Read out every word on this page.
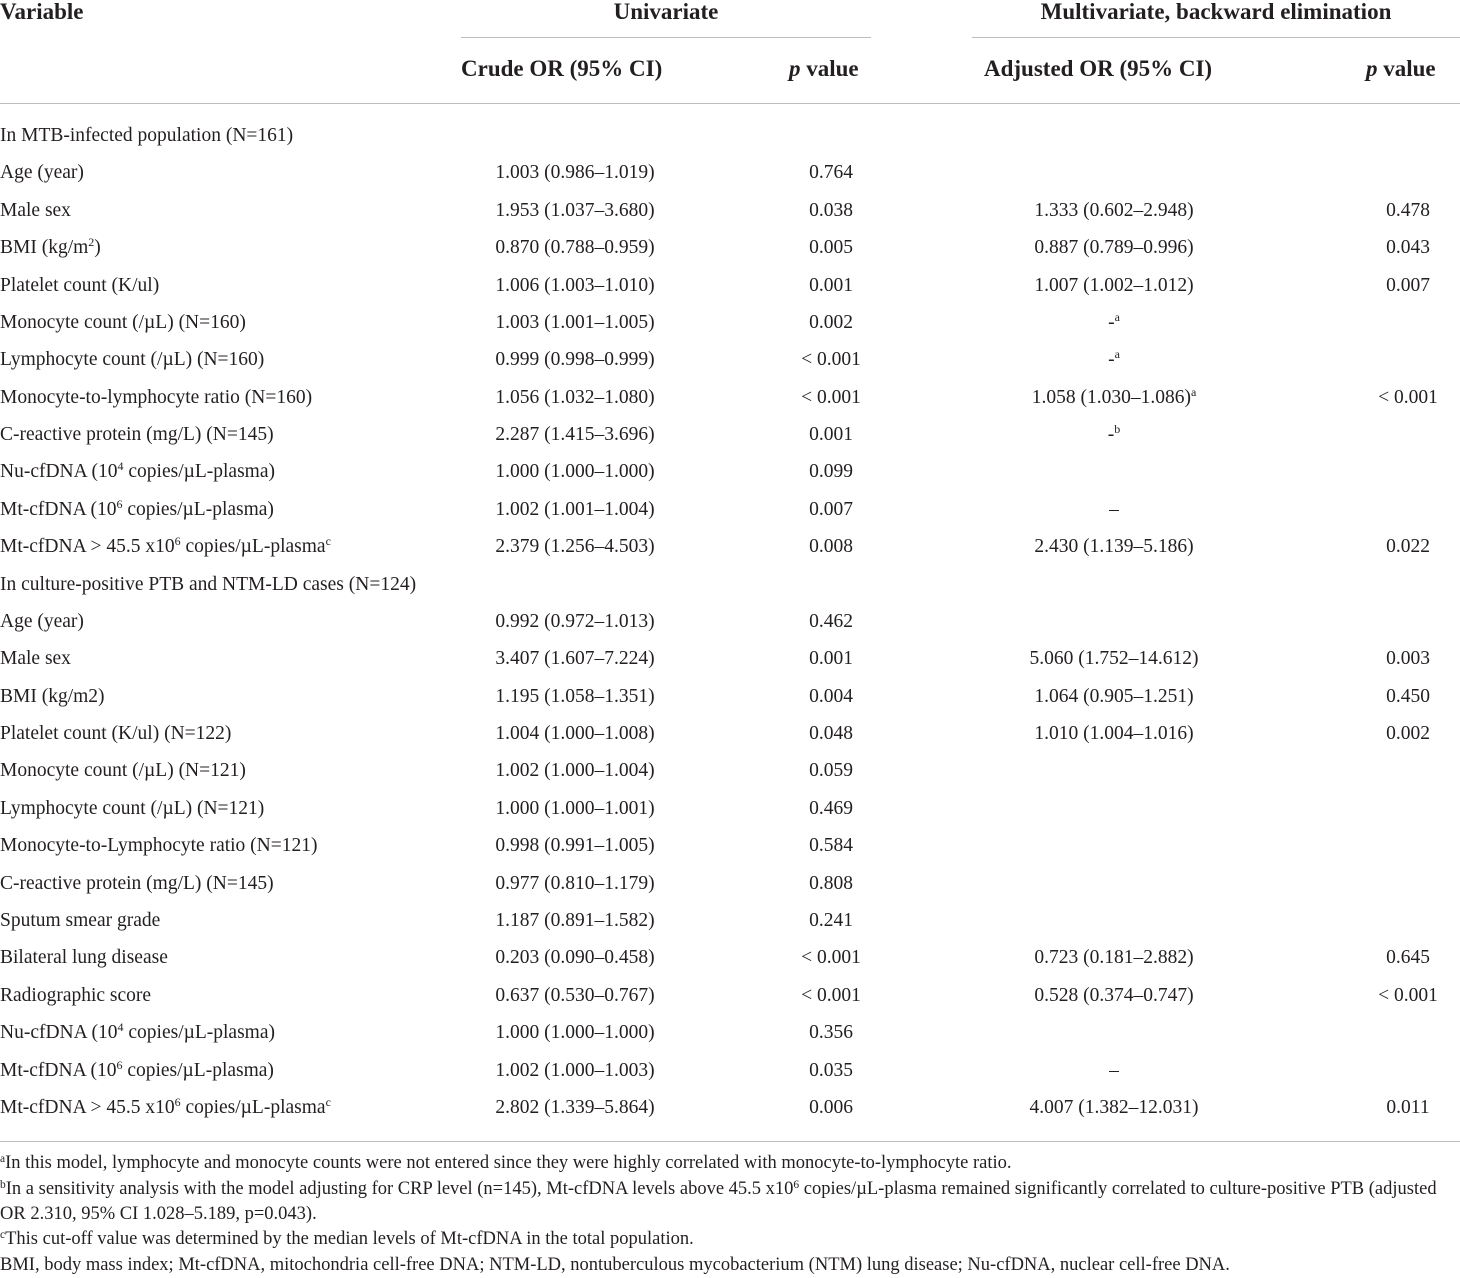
Variable	Univariate	Multivariate, backward elimination
Crude OR (95% CI)	p value	Adjusted OR (95% CI)	p value
In MTB-infected population (N=161)
Age (year)	1.003 (0.986–1.019)	0.764
Male sex	1.953 (1.037–3.680)	0.038	1.333 (0.602–2.948)	0.478
BMI $(kg/m^2)$	0.870 (0.788–0.959)	0.005	0.887 (0.789–0.996)	0.043
Platelet count (K/ul)	1.006 (1.003–1.010)	0.001	1.007 (1.002–1.012)	0.007
Monocyte count (/µL) (N=160)	1.003 (1.001–1.005)	0.002	-$^a$
Lymphocyte count (/µL) (N=160)	0.999 (0.998–0.999)	< 0.001	-$^a$
Monocyte-to-lymphocyte ratio (N=160)	1.056 (1.032–1.080)	< 0.001	1.058 $(1.030-1.086)^a$	< 0.001
C-reactive protein (mg/L) (N=145)	2.287 (1.415–3.696)	0.001	-$^b$
Nu-cfDNA ($10^4$ copies/µL-plasma)	1.000 (1.000–1.000)	0.099
Mt-cfDNA ($10^6$ copies/µL-plasma)	1.002 (1.001–1.004)	0.007	–
Mt-cfDNA > 45.5 $x10^6$ copies/µL-plasma$^c$	2.379 (1.256–4.503)	0.008	2.430 (1.139–5.186)	0.022
In culture-positive PTB and NTM-LD cases (N=124)
Age (year)	0.992 (0.972–1.013)	0.462
Male sex	3.407 (1.607–7.224)	0.001	5.060 (1.752–14.612)	0.003
BMI (kg/m2)	1.195 (1.058–1.351)	0.004	1.064 (0.905–1.251)	0.450
Platelet count (K/ul) (N=122)	1.004 (1.000–1.008)	0.048	1.010 (1.004–1.016)	0.002
Monocyte count (/µL) (N=121)	1.002 (1.000–1.004)	0.059
Lymphocyte count (/µL) (N=121)	1.000 (1.000–1.001)	0.469
Monocyte-to-Lymphocyte ratio (N=121)	0.998 (0.991–1.005)	0.584
C-reactive protein (mg/L) (N=145)	0.977 (0.810–1.179)	0.808
Sputum smear grade	1.187 (0.891–1.582)	0.241
Bilateral lung disease	0.203 (0.090–0.458)	< 0.001	0.723 (0.181–2.882)	0.645
Radiographic score	0.637 (0.530–0.767)	< 0.001	0.528 (0.374–0.747)	< 0.001
Nu-cfDNA ($10^4$ copies/µL-plasma)	1.000 (1.000–1.000)	0.356
Mt-cfDNA ($10^6$ copies/µL-plasma)	1.002 (1.000–1.003)	0.035	–
Mt-cfDNA > 45.5 $x10^6$ copies/µL-plasma$^c$	2.802 (1.339–5.864)	0.006	4.007 (1.382–12.031)	0.011
$^a$In this model, lymphocyte and monocyte counts were not entered since they were highly correlated with monocyte-to-lymphocyte ratio.
$^b$In a sensitivity analysis with the model adjusting for CRP level (n=145), Mt-cfDNA levels above 45.5 $x10^6$ copies/µL-plasma remained significantly correlated to culture-positive PTB (adjusted OR 2.310, 95% CI 1.028–5.189, p=0.043).
$^c$This cut-off value was determined by the median levels of Mt-cfDNA in the total population.
BMI, body mass index; Mt-cfDNA, mitochondria cell-free DNA; NTM-LD, nontuberculous mycobacterium (NTM) lung disease; Nu-cfDNA, nuclear cell-free DNA.
